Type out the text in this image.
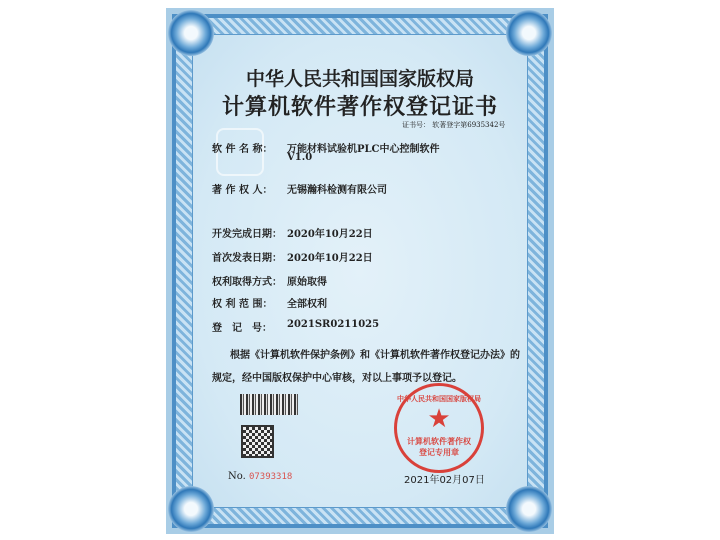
中华人民共和国国家版权局
计算机软件著作权登记证书
证书号： 软著登字第6935342号
软 件 名 称： 万能材料试验机PLC中心控制软件
V1.0
著 作 权 人： 无锡瀚科检测有限公司
开发完成日期： 2020年10月22日
首次发表日期： 2020年10月22日
权利取得方式： 原始取得
权 利 范 围： 全部权利
登　记　号： 2021SR0211025
根据《计算机软件保护条例》和《计算机软件著作权登记办法》的
规定，经中国版权保护中心审核，对以上事项予以登记。
No. 07393318
中华人民共和国国家版权局
★
计算机软件著作权
登记专用章
2021年02月07日
